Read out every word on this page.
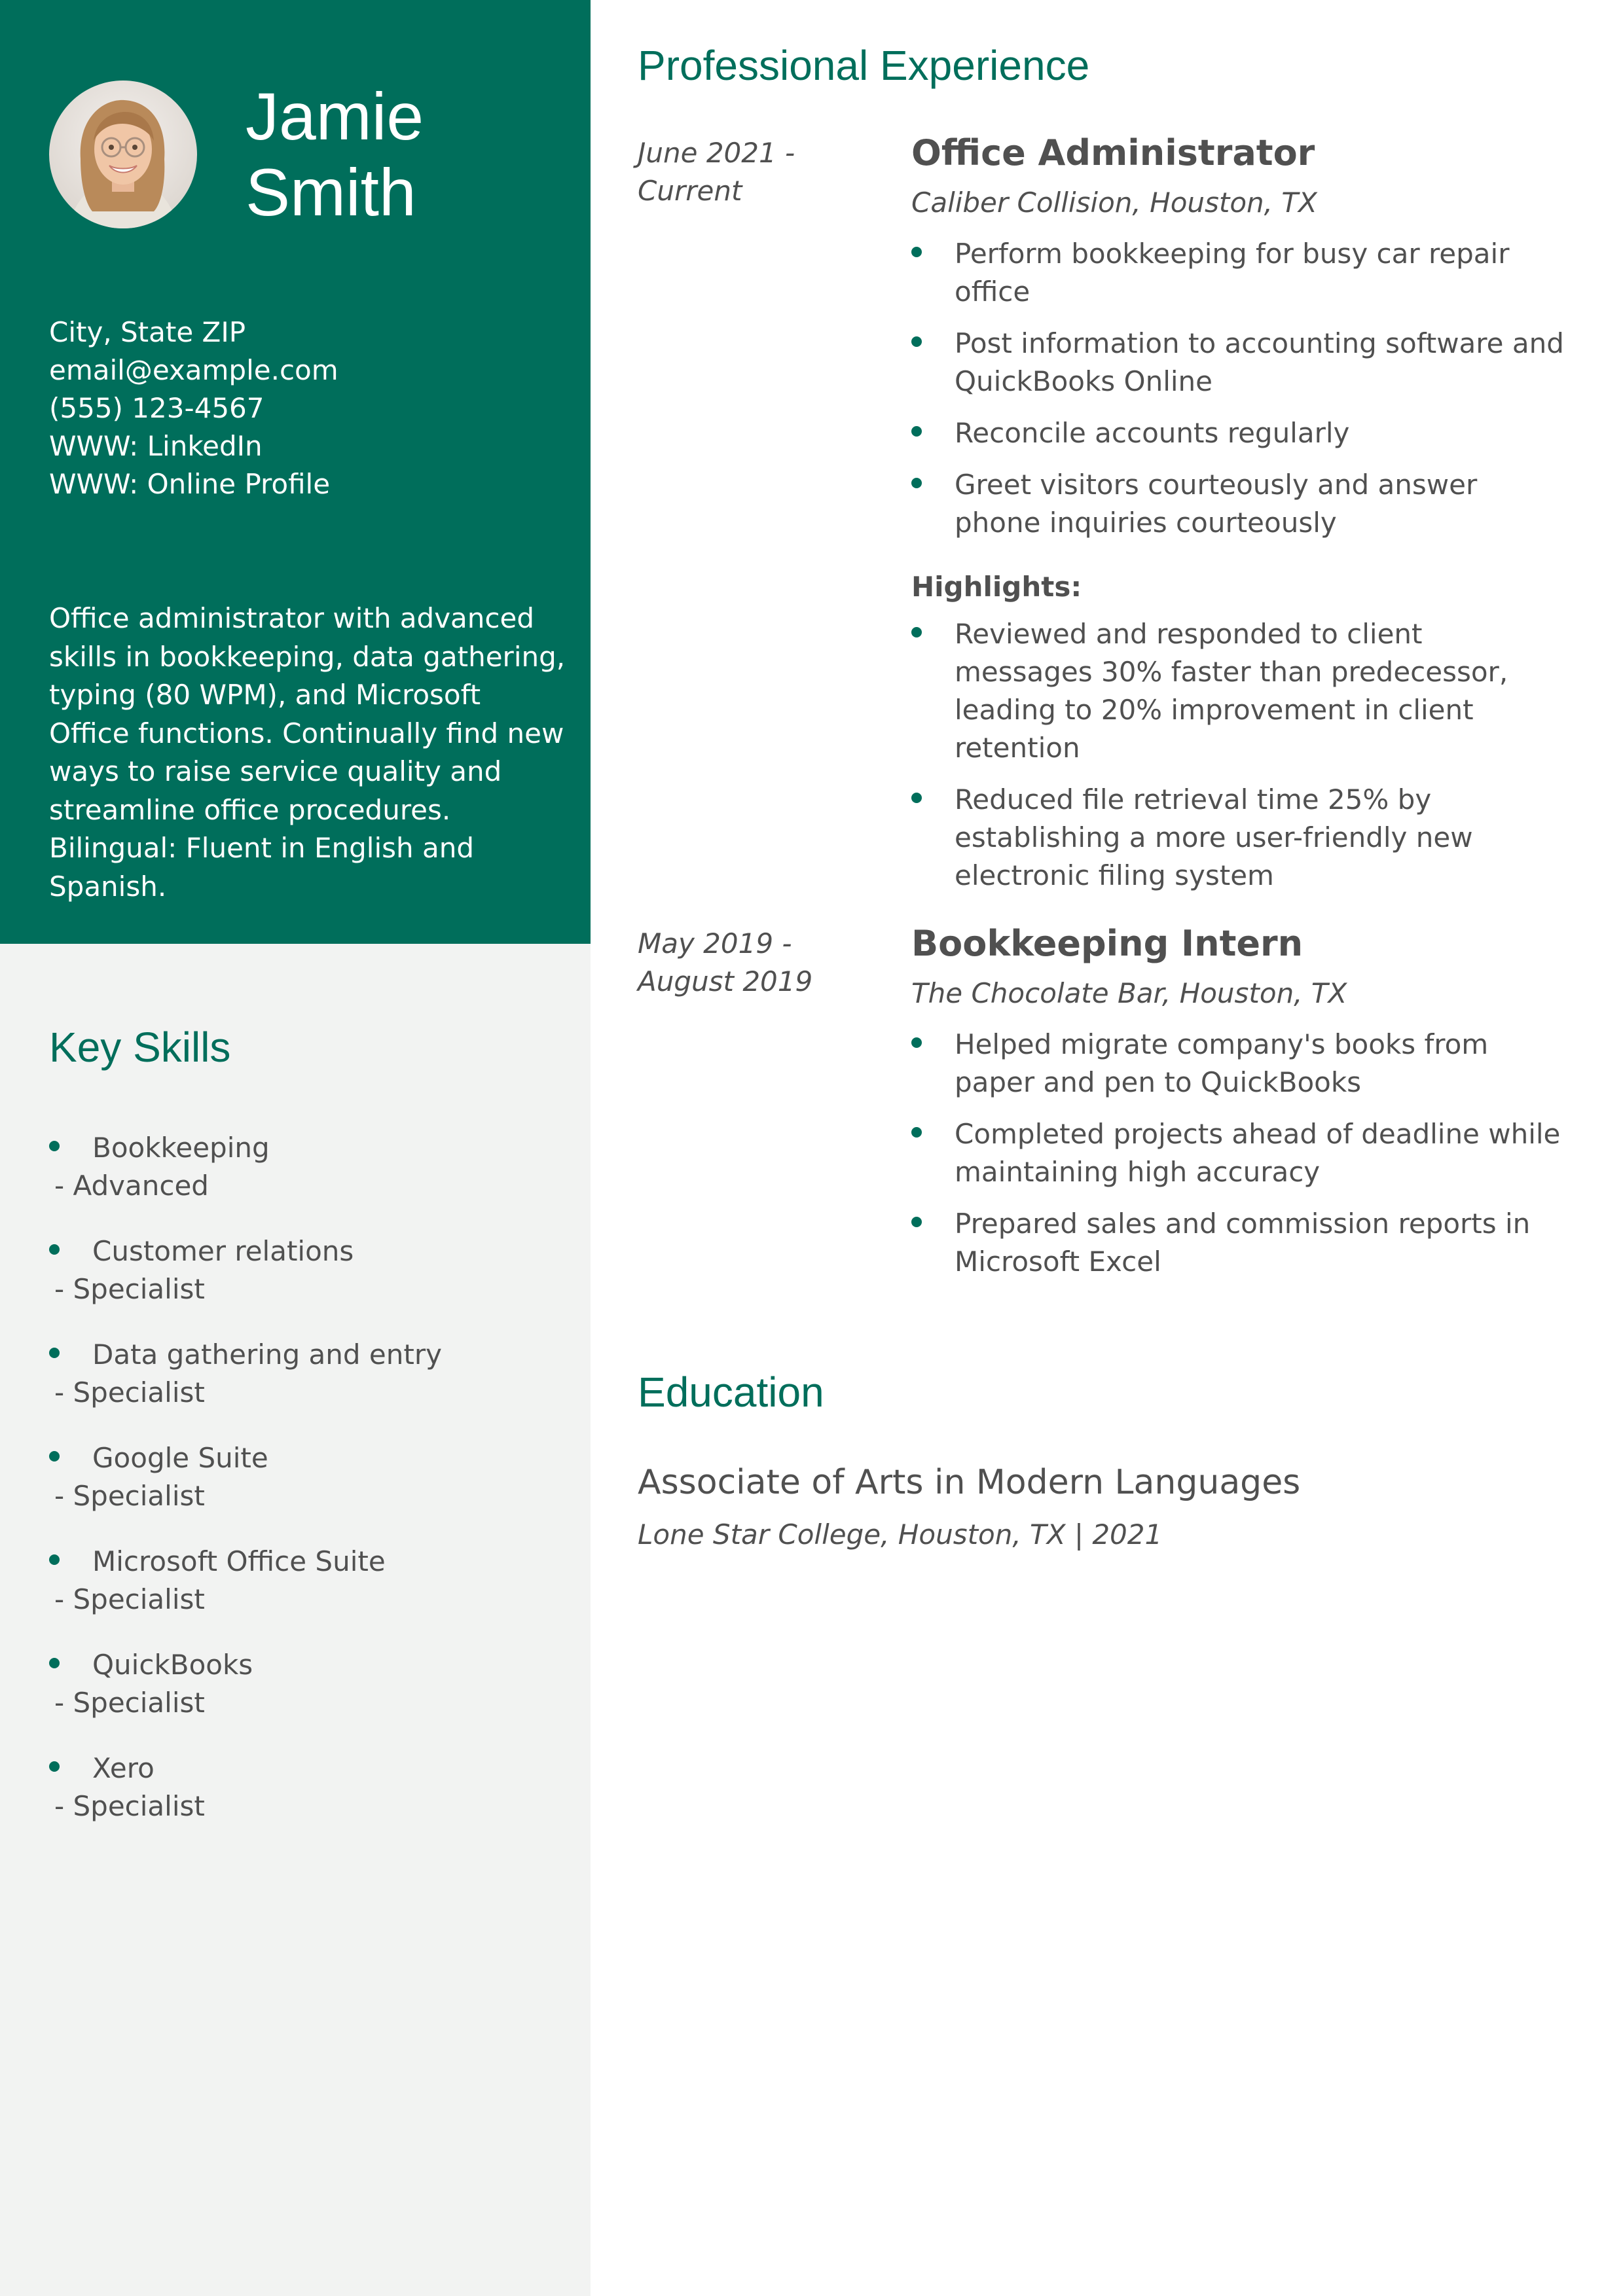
Jamie
Smith
City, State ZIP
email@example.com
(555) 123-4567
WWW: LinkedIn
WWW: Online Profile
Office administrator with advanced skills in bookkeeping, data gathering, typing (80 WPM), and Microsoft Office functions. Continually find new ways to raise service quality and streamline office procedures. Bilingual: Fluent in English and Spanish.
Key Skills
Bookkeeping
- Advanced
Customer relations
- Specialist
Data gathering and entry
- Specialist
Google Suite
- Specialist
Microsoft Office Suite
- Specialist
QuickBooks
- Specialist
Xero
- Specialist
Professional Experience
June 2021 -
Current
Office Administrator
Caliber Collision, Houston, TX
Perform bookkeeping for busy car repair office
Post information to accounting software and QuickBooks Online
Reconcile accounts regularly
Greet visitors courteously and answer phone inquiries courteously
Highlights:
Reviewed and responded to client messages 30% faster than predecessor, leading to 20% improvement in client retention
Reduced file retrieval time 25% by establishing a more user-friendly new electronic filing system
May 2019 -
August 2019
Bookkeeping Intern
The Chocolate Bar, Houston, TX
Helped migrate company's books from paper and pen to QuickBooks
Completed projects ahead of deadline while maintaining high accuracy
Prepared sales and commission reports in Microsoft Excel
Education
Associate of Arts in Modern Languages
Lone Star College, Houston, TX | 2021
